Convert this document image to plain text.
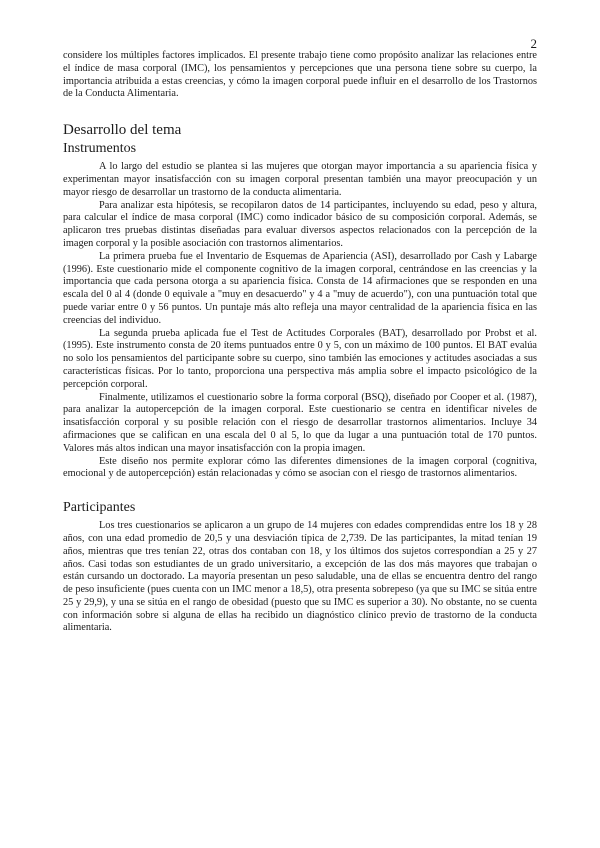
2

considere los múltiples factores implicados. El presente trabajo tiene como propósito analizar las relaciones entre el índice de masa corporal (IMC), los pensamientos y percepciones que una persona tiene sobre su cuerpo, la importancia atribuida a estas creencias, y cómo la imagen corporal puede influir en el desarrollo de los Trastornos de la Conducta Alimentaria.

Desarrollo del tema
Instrumentos

A lo largo del estudio se plantea si las mujeres que otorgan mayor importancia a su apariencia física y experimentan mayor insatisfacción con su imagen corporal presentan también una mayor preocupación y un mayor riesgo de desarrollar un trastorno de la conducta alimentaria.

Para analizar esta hipótesis, se recopilaron datos de 14 participantes, incluyendo su edad, peso y altura, para calcular el índice de masa corporal (IMC) como indicador básico de su composición corporal. Además, se aplicaron tres pruebas distintas diseñadas para evaluar diversos aspectos relacionados con la percepción de la imagen corporal y la posible asociación con trastornos alimentarios.

La primera prueba fue el Inventario de Esquemas de Apariencia (ASI), desarrollado por Cash y Labarge (1996). Este cuestionario mide el componente cognitivo de la imagen corporal, centrándose en las creencias y la importancia que cada persona otorga a su apariencia física. Consta de 14 afirmaciones que se responden en una escala del 0 al 4 (donde 0 equivale a "muy en desacuerdo" y 4 a "muy de acuerdo"), con una puntuación total que puede variar entre 0 y 56 puntos. Un puntaje más alto refleja una mayor centralidad de la apariencia física en las creencias del individuo.

La segunda prueba aplicada fue el Test de Actitudes Corporales (BAT), desarrollado por Probst et al. (1995). Este instrumento consta de 20 ítems puntuados entre 0 y 5, con un máximo de 100 puntos. El BAT evalúa no solo los pensamientos del participante sobre su cuerpo, sino también las emociones y actitudes asociadas a sus características físicas. Por lo tanto, proporciona una perspectiva más amplia sobre el impacto psicológico de la percepción corporal.

Finalmente, utilizamos el cuestionario sobre la forma corporal (BSQ), diseñado por Cooper et al. (1987), para analizar la autopercepción de la imagen corporal. Este cuestionario se centra en identificar niveles de insatisfacción corporal y su posible relación con el riesgo de desarrollar trastornos alimentarios. Incluye 34 afirmaciones que se califican en una escala del 0 al 5, lo que da lugar a una puntuación total de 170 puntos. Valores más altos indican una mayor insatisfacción con la propia imagen.

Este diseño nos permite explorar cómo las diferentes dimensiones de la imagen corporal (cognitiva, emocional y de autopercepción) están relacionadas y cómo se asocian con el riesgo de trastornos alimentarios.

Participantes

Los tres cuestionarios se aplicaron a un grupo de 14 mujeres con edades comprendidas entre los 18 y 28 años, con una edad promedio de 20,5 y una desviación típica de 2,739. De las participantes, la mitad tenían 19 años, mientras que tres tenían 22, otras dos contaban con 18, y los últimos dos sujetos correspondían a 25 y 27 años. Casi todas son estudiantes de un grado universitario, a excepción de las dos más mayores que trabajan o están cursando un doctorado. La mayoría presentan un peso saludable, una de ellas se encuentra dentro del rango de peso insuficiente (pues cuenta con un IMC menor a 18,5), otra presenta sobrepeso (ya que su IMC se sitúa entre 25 y 29,9), y una se sitúa en el rango de obesidad (puesto que su IMC es superior a 30). No obstante, no se cuenta con información sobre si alguna de ellas ha recibido un diagnóstico clínico previo de trastorno de la conducta alimentaria.
